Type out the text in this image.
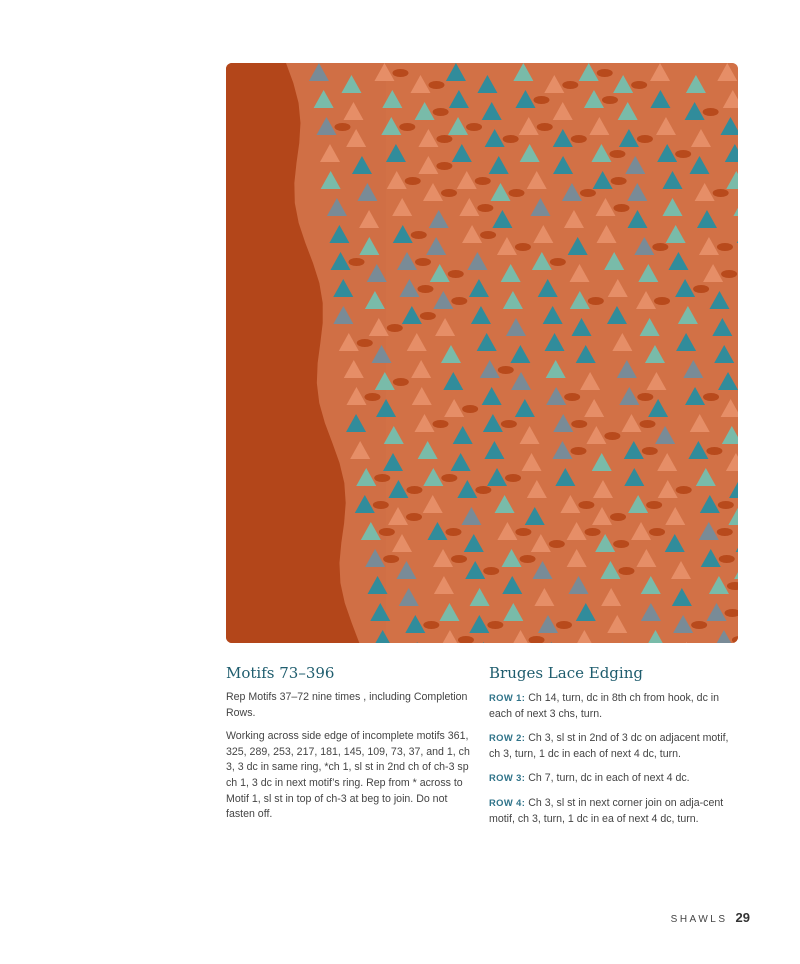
Motifs 73–396

Rep Motifs 37–72 nine times , including Completion Rows.

Working across side edge of incomplete motifs 361, 325, 289, 253, 217, 181, 145, 109, 73, 37, and 1, ch 3, 3 dc in same ring, *ch 1, sl st in 2nd ch of ch-3 sp ch 1, 3 dc in next motif’s ring. Rep from * across to Motif 1, sl st in top of ch-3 at beg to join. Do not fasten off.

Bruges Lace Edging

ROW 1: Ch 14, turn, dc in 8th ch from hook, dc in each of next 3 chs, turn.

ROW 2: Ch 3, sl st in 2nd of 3 dc on adjacent motif, ch 3, turn, 1 dc in each of next 4 dc, turn.

ROW 3: Ch 7, turn, dc in each of next 4 dc.

ROW 4: Ch 3, sl st in next corner join on adja-cent motif, ch 3, turn, 1 dc in ea of next 4 dc, turn.

SHAWLS 29
